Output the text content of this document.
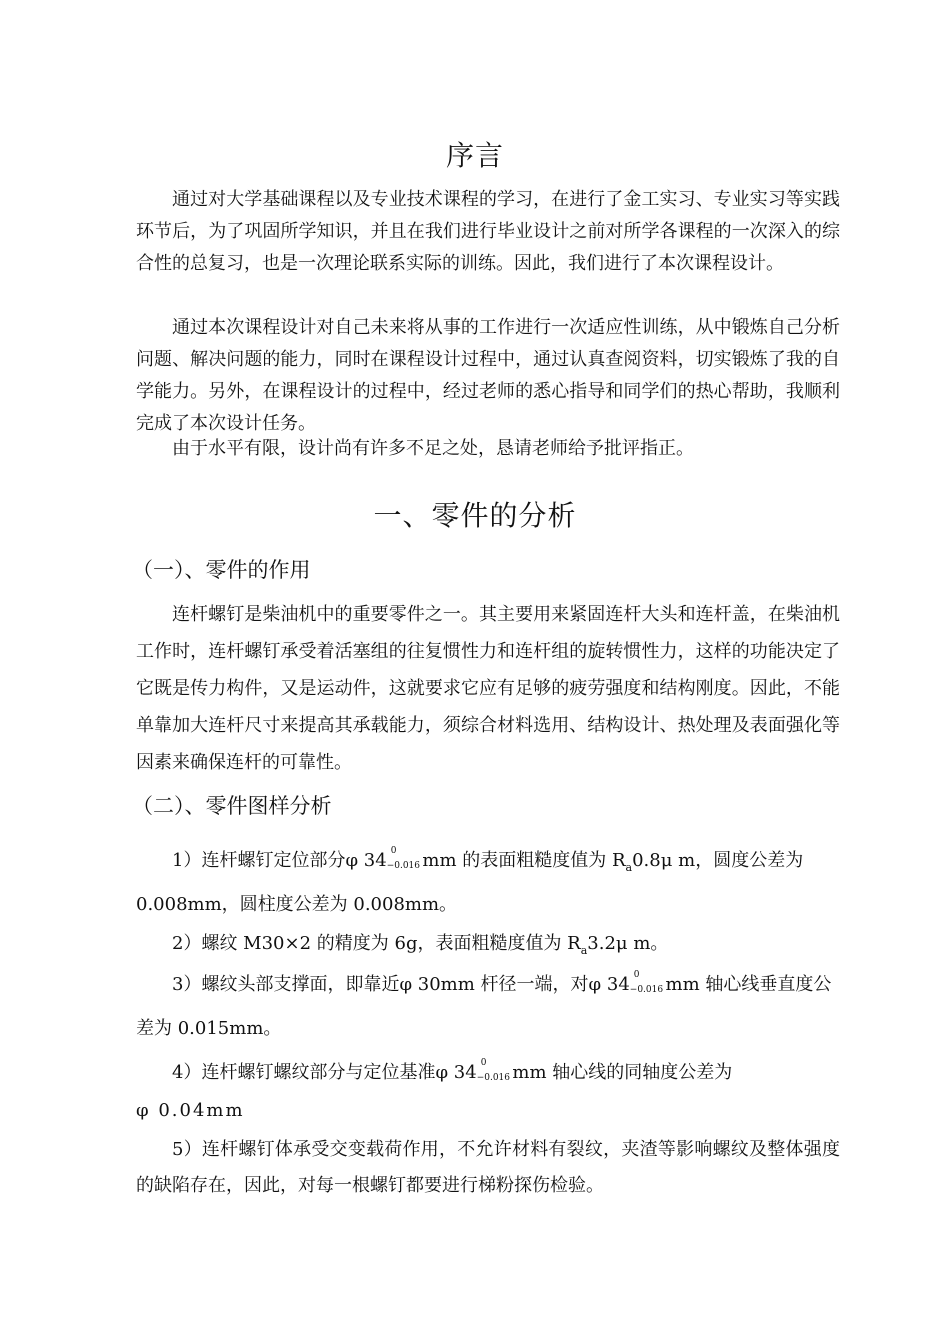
序言

通过对大学基础课程以及专业技术课程的学习，在进行了金工实习、专业实习等实践环节后，为了巩固所学知识，并且在我们进行毕业设计之前对所学各课程的一次深入的综合性的总复习，也是一次理论联系实际的训练。因此，我们进行了本次课程设计。

通过本次课程设计对自己未来将从事的工作进行一次适应性训练，从中锻炼自己分析问题、解决问题的能力，同时在课程设计过程中，通过认真查阅资料，切实锻炼了我的自学能力。另外，在课程设计的过程中，经过老师的悉心指导和同学们的热心帮助，我顺利完成了本次设计任务。

由于水平有限，设计尚有许多不足之处，恳请老师给予批评指正。

一、零件的分析
（一）、零件的作用

连杆螺钉是柴油机中的重要零件之一。其主要用来紧固连杆大头和连杆盖，在柴油机工作时，连杆螺钉承受着活塞组的往复惯性力和连杆组的旋转惯性力，这样的功能决定了它既是传力构件，又是运动件，这就要求它应有足够的疲劳强度和结构刚度。因此，不能单靠加大连杆尺寸来提高其承载能力，须综合材料选用、结构设计、热处理及表面强化等因素来确保连杆的可靠性。

（二）、零件图样分析
1）连杆螺钉定位部分φ 34 0
−0.016
mm 的表面粗糙度值为 $R_a0.8\mu$ m，圆度公差为
0.008mm，圆柱度公差为 0.008mm。
2）螺纹 M30×2 的精度为 6g，表面粗糙度值为 $R_a3.2\mu$ m。
3）螺纹头部支撑面，即靠近φ 30mm 杆径一端，对φ 34 0
−0.016
mm 轴心线垂直度公
差为 0.015mm。
4）连杆螺钉螺纹部分与定位基准φ 34 0
−0.016
mm 轴心线的同轴度公差为
φ 0.04mm

5）连杆螺钉体承受交变载荷作用，不允许材料有裂纹，夹渣等影响螺纹及整体强度的缺陷存在，因此，对每一根螺钉都要进行梯粉探伤检验。
